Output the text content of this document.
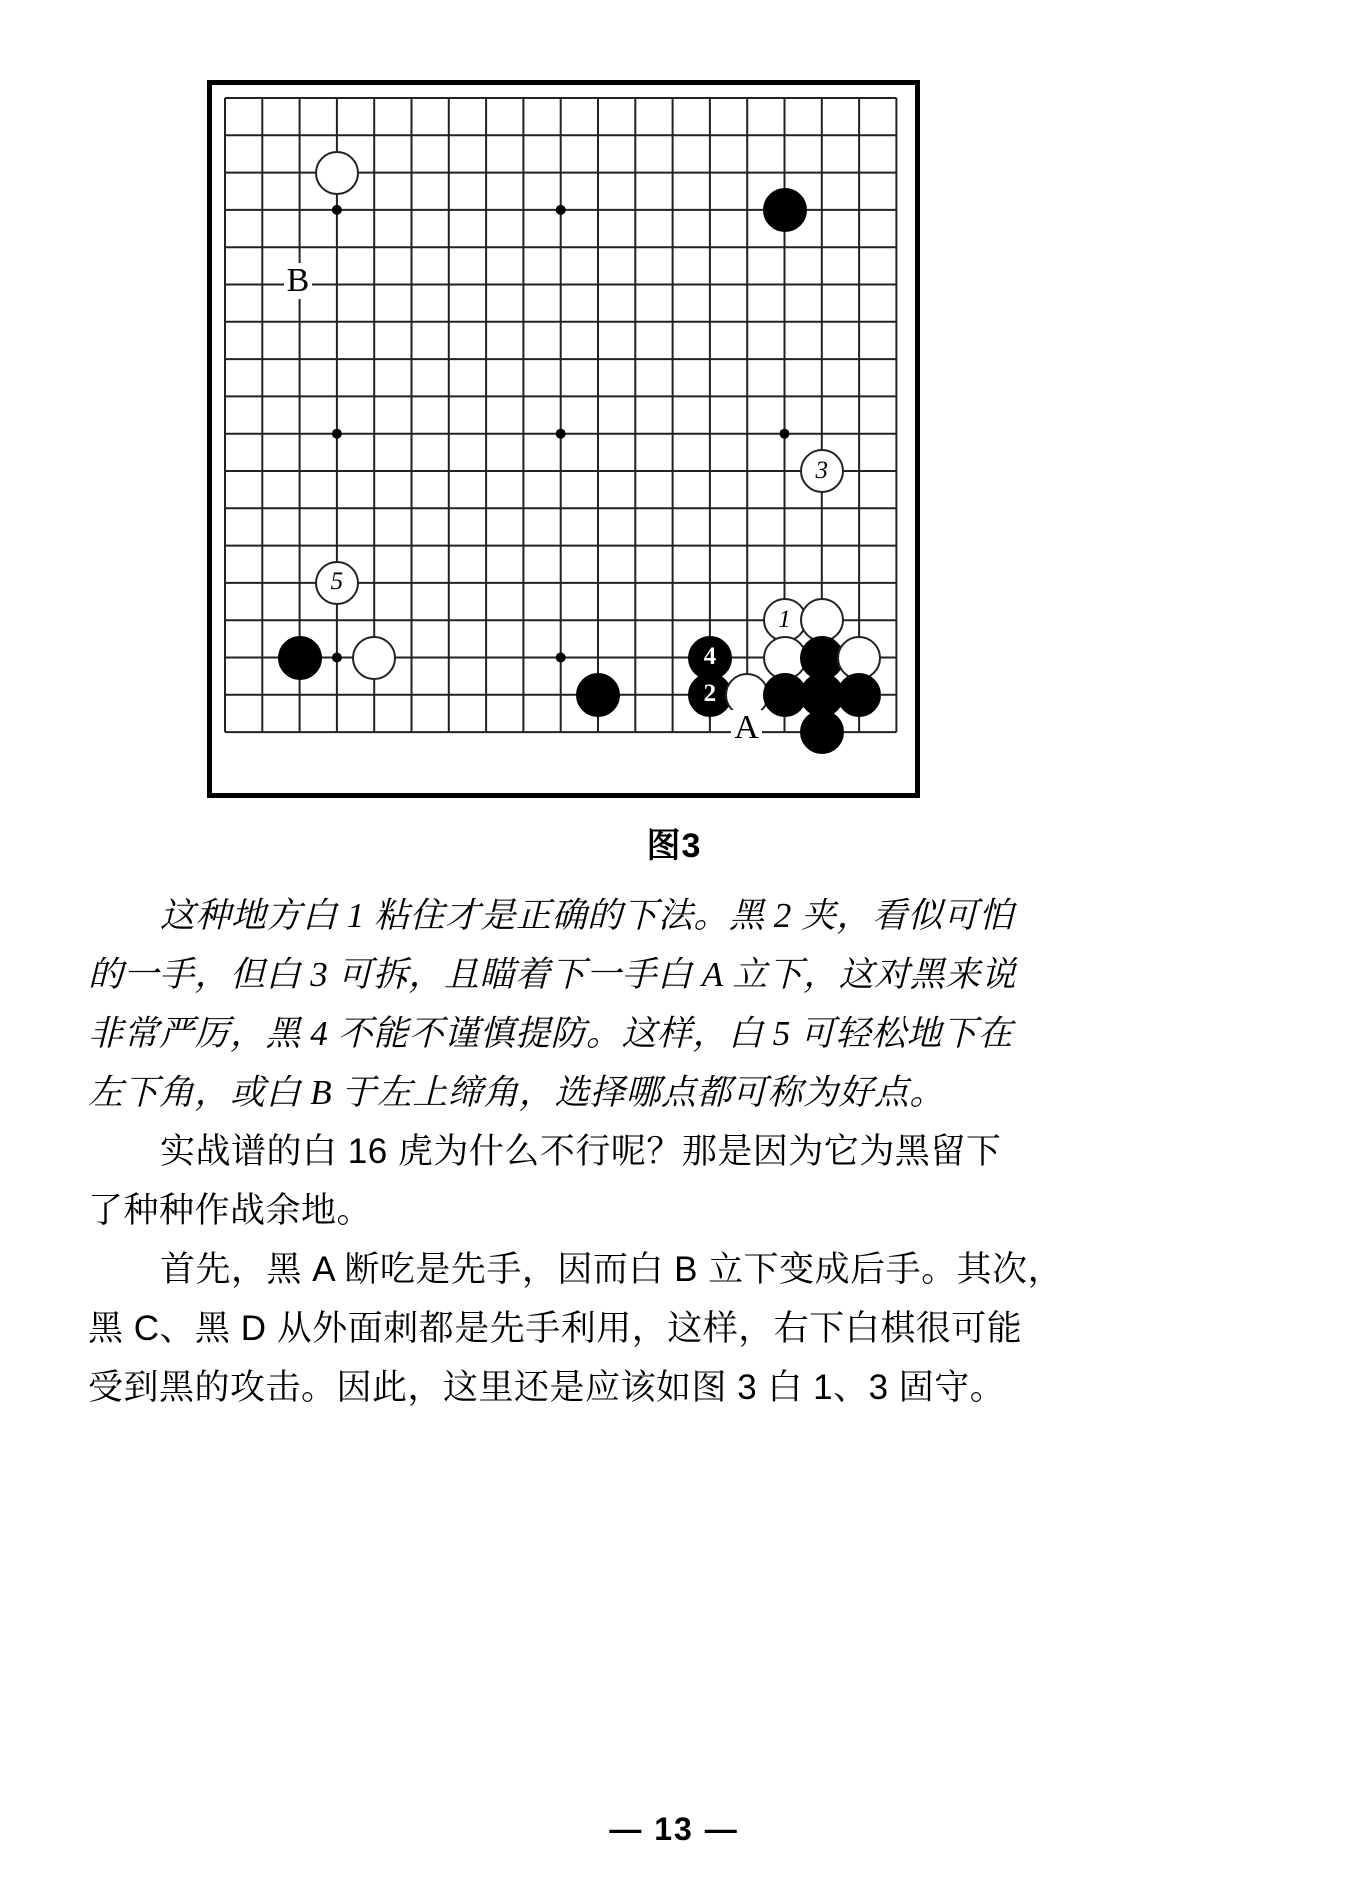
3
5
4
2
1
B
A
图3
这种地方白 1 粘住才是正确的下法。黑 2 夹，看似可怕
的一手，但白 3 可拆，且瞄着下一手白 A 立下，这对黑来说
非常严厉，黑 4 不能不谨慎提防。这样，白 5 可轻松地下在
左下角，或白 B 于左上缔角，选择哪点都可称为好点。
实战谱的白 16 虎为什么不行呢？那是因为它为黑留下
了种种作战余地。
首先，黑 A 断吃是先手，因而白 B 立下变成后手。其次，
黑 C、黑 D 从外面刺都是先手利用，这样，右下白棋很可能
受到黑的攻击。因此，这里还是应该如图 3 白 1、3 固守。
— 13 —
